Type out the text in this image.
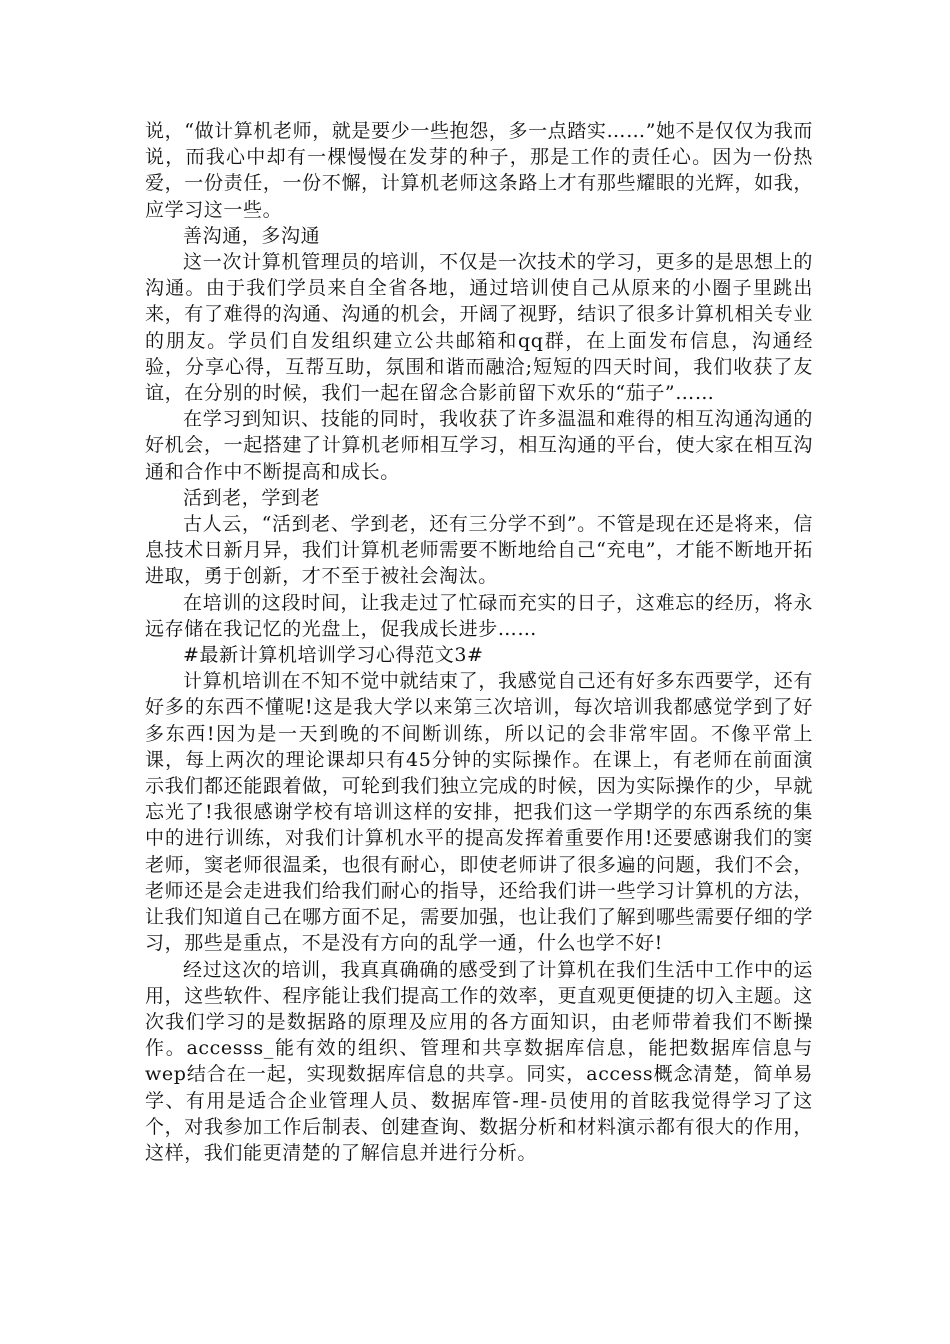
说，“做计算机老师，就是要少一些抱怨，多一点踏实……”她不是仅仅为我而说，而我心中却有一棵慢慢在发芽的种子，那是工作的责任心。因为一份热爱，一份责任，一份不懈，计算机老师这条路上才有那些耀眼的光辉，如我，应学习这一些。

善沟通，多沟通

这一次计算机管理员的培训，不仅是一次技术的学习，更多的是思想上的沟通。由于我们学员来自全省各地，通过培训使自己从原来的小圈子里跳出来，有了难得的沟通、沟通的机会，开阔了视野，结识了很多计算机相关专业的朋友。学员们自发组织建立公共邮箱和qq群，在上面发布信息，沟通经验，分享心得，互帮互助，氛围和谐而融洽;短短的四天时间，我们收获了友谊，在分别的时候，我们一起在留念合影前留下欢乐的“茄子”……

在学习到知识、技能的同时，我收获了许多温温和难得的相互沟通沟通的好机会，一起搭建了计算机老师相互学习，相互沟通的平台，使大家在相互沟通和合作中不断提高和成长。

活到老，学到老

古人云，“活到老、学到老，还有三分学不到”。不管是现在还是将来，信息技术日新月异，我们计算机老师需要不断地给自己“充电”，才能不断地开拓进取，勇于创新，才不至于被社会淘汰。

在培训的这段时间，让我走过了忙碌而充实的日子，这难忘的经历，将永远存储在我记忆的光盘上，促我成长进步……

#最新计算机培训学习心得范文3#

计算机培训在不知不觉中就结束了，我感觉自己还有好多东西要学，还有好多的东西不懂呢!这是我大学以来第三次培训，每次培训我都感觉学到了好多东西!因为是一天到晚的不间断训练，所以记的会非常牢固。不像平常上课，每上两次的理论课却只有45分钟的实际操作。在课上，有老师在前面演示我们都还能跟着做，可轮到我们独立完成的时候，因为实际操作的少，早就忘光了!我很感谢学校有培训这样的安排，把我们这一学期学的东西系统的集中的进行训练，对我们计算机水平的提高发挥着重要作用!还要感谢我们的窦老师，窦老师很温柔，也很有耐心，即使老师讲了很多遍的问题，我们不会，老师还是会走进我们给我们耐心的指导，还给我们讲一些学习计算机的方法，让我们知道自己在哪方面不足，需要加强，也让我们了解到哪些需要仔细的学习，那些是重点，不是没有方向的乱学一通，什么也学不好!

经过这次的培训，我真真确确的感受到了计算机在我们生活中工作中的运用，这些软件、程序能让我们提高工作的效率，更直观更便捷的切入主题。这次我们学习的是数据路的原理及应用的各方面知识，由老师带着我们不断操作。accesss_能有效的组织、管理和共享数据库信息，能把数据库信息与wep结合在一起，实现数据库信息的共享。同实，access概念清楚，简单易学、有用是适合企业管理人员、数据库管-理-员使用的首眩我觉得学习了这个，对我参加工作后制表、创建查询、数据分析和材料演示都有很大的作用，这样，我们能更清楚的了解信息并进行分析。
